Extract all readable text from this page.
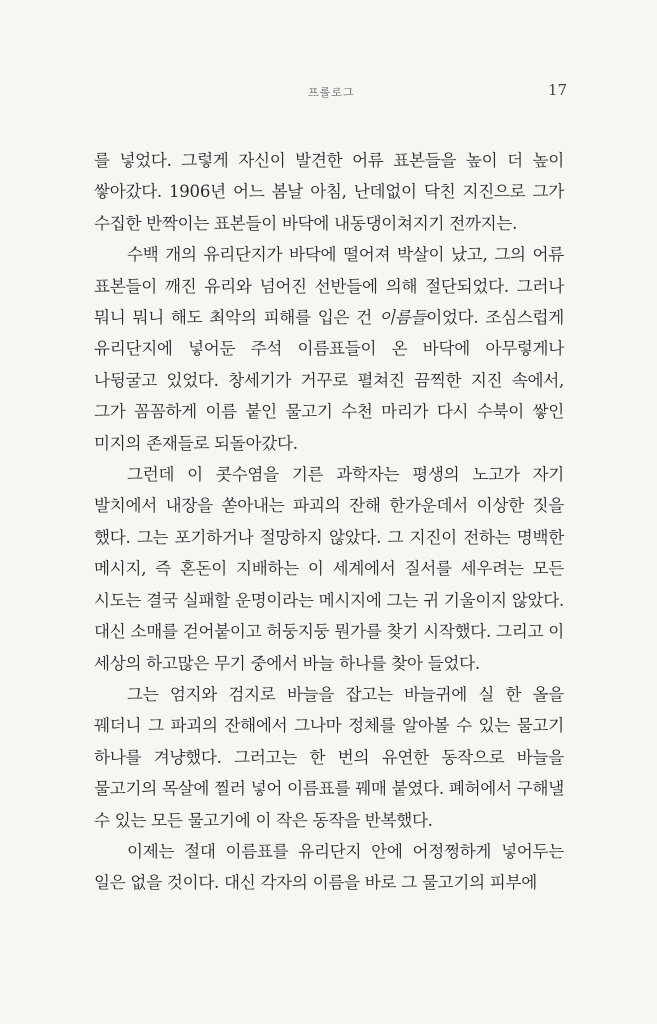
프롤로그	17

를 넣었다. 그렇게 자신이 발견한 어류 표본들을 높이 더 높이 쌓아갔다. 1906년 어느 봄날 아침, 난데없이 닥친 지진으로 그가 수집한 반짝이는 표본들이 바닥에 내동댕이쳐지기 전까지는.

수백 개의 유리단지가 바닥에 떨어져 박살이 났고, 그의 어류 표본들이 깨진 유리와 넘어진 선반들에 의해 절단되었다. 그러나 뭐니 뭐니 해도 최악의 피해를 입은 건 이름들이었다. 조심스럽게 유리단지에 넣어둔 주석 이름표들이 온 바닥에 아무렇게나 나뒹굴고 있었다. 창세기가 거꾸로 펼쳐진 끔찍한 지진 속에서, 그가 꼼꼼하게 이름 붙인 물고기 수천 마리가 다시 수북이 쌓인 미지의 존재들로 되돌아갔다.

그런데 이 콧수염을 기른 과학자는 평생의 노고가 자기 발치에서 내장을 쏟아내는 파괴의 잔해 한가운데서 이상한 짓을 했다. 그는 포기하거나 절망하지 않았다. 그 지진이 전하는 명백한 메시지, 즉 혼돈이 지배하는 이 세계에서 질서를 세우려는 모든 시도는 결국 실패할 운명이라는 메시지에 그는 귀 기울이지 않았다. 대신 소매를 걷어붙이고 허둥지둥 뭔가를 찾기 시작했다. 그리고 이 세상의 하고많은 무기 중에서 바늘 하나를 찾아 들었다.

그는 엄지와 검지로 바늘을 잡고는 바늘귀에 실 한 올을 꿰더니 그 파괴의 잔해에서 그나마 정체를 알아볼 수 있는 물고기 하나를 겨냥했다. 그러고는 한 번의 유연한 동작으로 바늘을 물고기의 목살에 찔러 넣어 이름표를 꿰매 붙였다. 폐허에서 구해낼 수 있는 모든 물고기에 이 작은 동작을 반복했다.

이제는 절대 이름표를 유리단지 안에 어정쩡하게 넣어두는 일은 없을 것이다. 대신 각자의 이름을 바로 그 물고기의 피부에
